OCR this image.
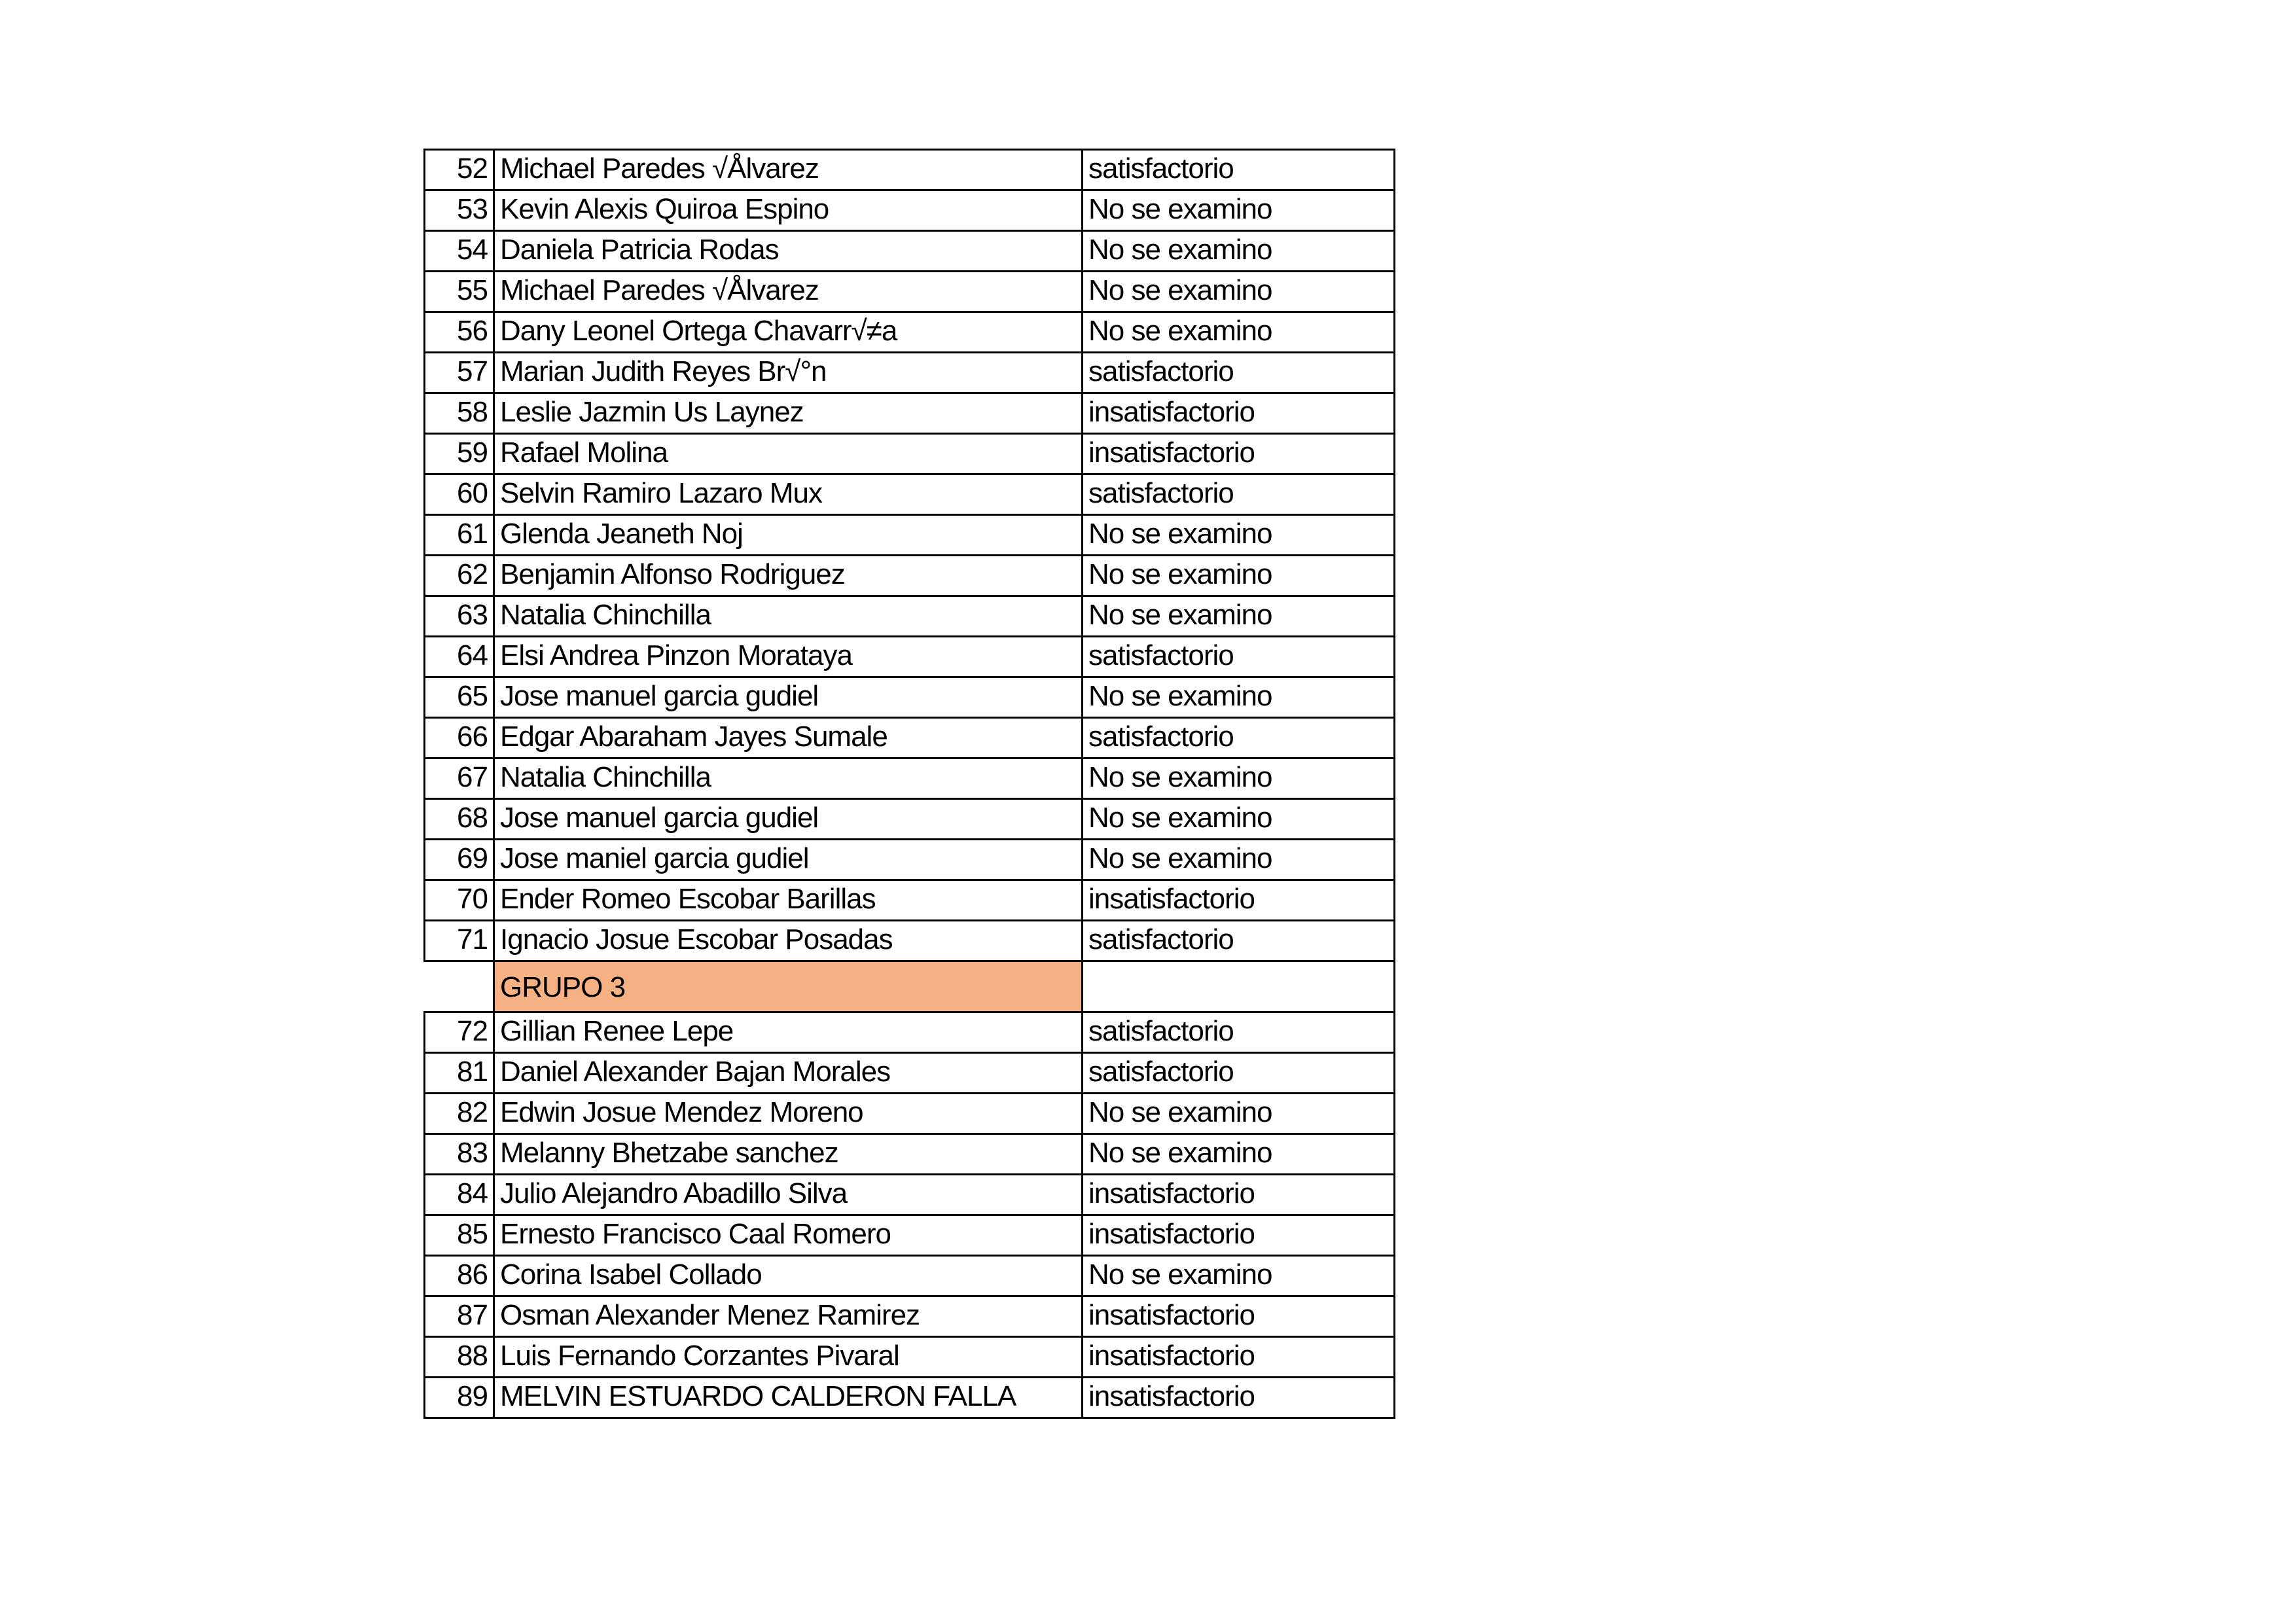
52	Michael Paredes √Ålvarez	satisfactorio
53	Kevin Alexis Quiroa Espino	No se examino
54	Daniela Patricia Rodas	No se examino
55	Michael Paredes √Ålvarez	No se examino
56	Dany Leonel Ortega Chavarr√≠a	No se examino
57	Marian Judith Reyes Br√°n	satisfactorio
58	Leslie Jazmin Us Laynez	insatisfactorio
59	Rafael Molina	insatisfactorio
60	Selvin Ramiro Lazaro Mux	satisfactorio
61	Glenda Jeaneth Noj	No se examino
62	Benjamin Alfonso Rodriguez	No se examino
63	Natalia Chinchilla	No se examino
64	Elsi Andrea Pinzon Morataya	satisfactorio
65	Jose manuel garcia gudiel	No se examino
66	Edgar Abaraham Jayes Sumale	satisfactorio
67	Natalia Chinchilla	No se examino
68	Jose manuel garcia gudiel	No se examino
69	Jose maniel garcia gudiel	No se examino
70	Ender Romeo Escobar Barillas	insatisfactorio
71	Ignacio Josue Escobar Posadas	satisfactorio
	GRUPO 3	
72	Gillian Renee Lepe	satisfactorio
81	Daniel Alexander Bajan Morales	satisfactorio
82	Edwin Josue Mendez Moreno	No se examino
83	Melanny Bhetzabe sanchez	No se examino
84	Julio Alejandro Abadillo Silva	insatisfactorio
85	Ernesto Francisco Caal Romero	insatisfactorio
86	Corina Isabel Collado	No se examino
87	Osman Alexander Menez Ramirez	insatisfactorio
88	Luis Fernando Corzantes Pivaral	insatisfactorio
89	MELVIN ESTUARDO CALDERON FALLA	insatisfactorio
